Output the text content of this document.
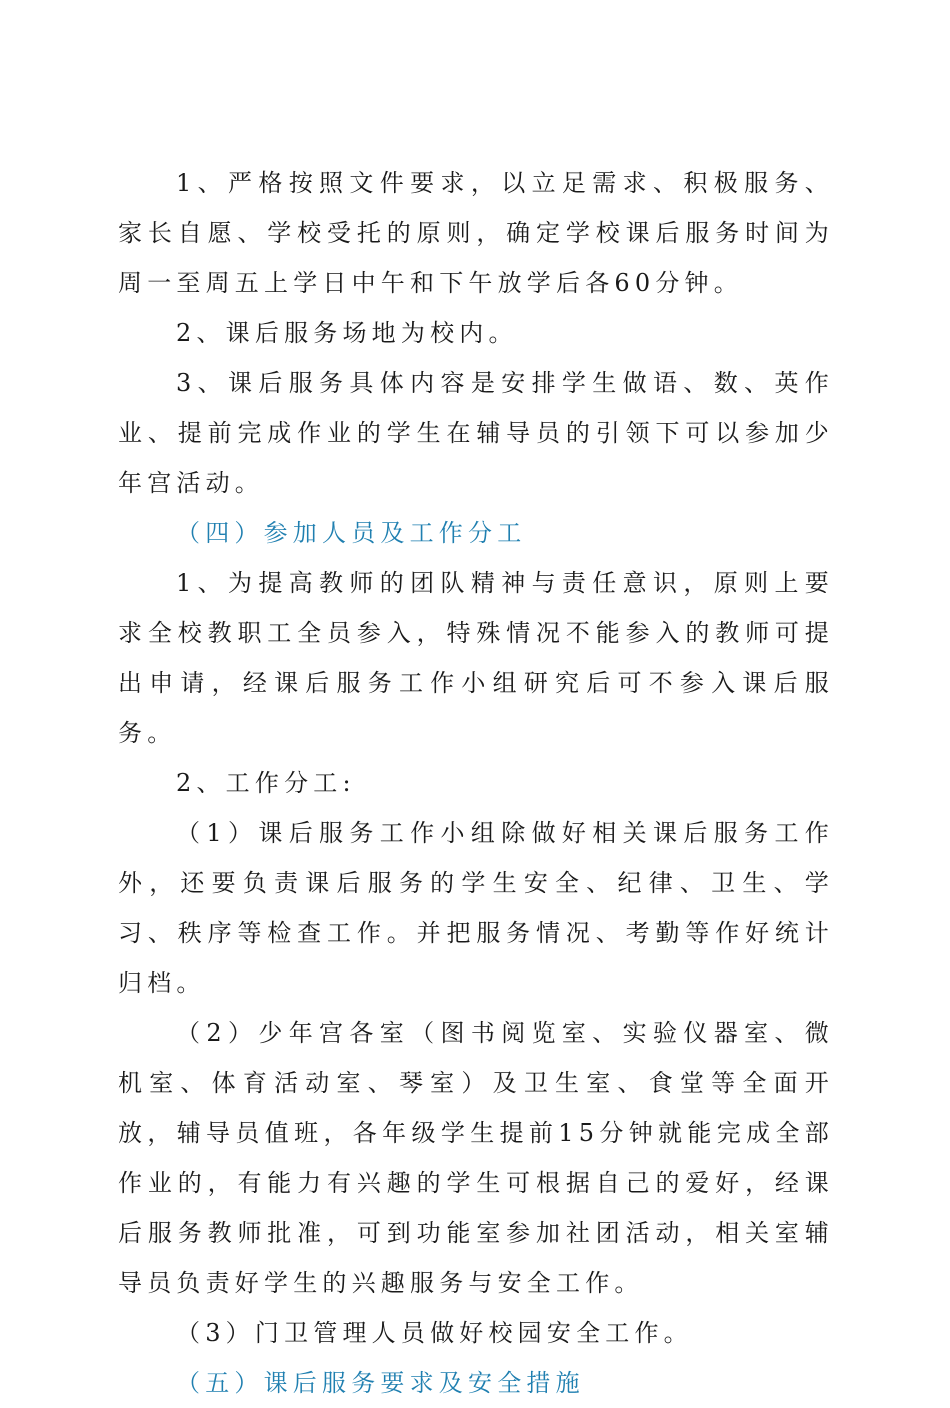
1、严格按照文件要求，以立足需求、积极服务、家长自愿、学校受托的原则，确定学校课后服务时间为周一至周五上学日中午和下午放学后各60分钟。

2、课后服务场地为校内。

3、课后服务具体内容是安排学生做语、数、英作业、提前完成作业的学生在辅导员的引领下可以参加少年宫活动。

（四）参加人员及工作分工

1、为提高教师的团队精神与责任意识，原则上要求全校教职工全员参入，特殊情况不能参入的教师可提出申请，经课后服务工作小组研究后可不参入课后服务。

2、工作分工:

（1）课后服务工作小组除做好相关课后服务工作外，还要负责课后服务的学生安全、纪律、卫生、学习、秩序等检查工作。并把服务情况、考勤等作好统计归档。

（2）少年宫各室（图书阅览室、实验仪器室、微机室、体育活动室、琴室）及卫生室、食堂等全面开放，辅导员值班，各年级学生提前15分钟就能完成全部作业的，有能力有兴趣的学生可根据自己的爱好，经课后服务教师批准，可到功能室参加社团活动，相关室辅导员负责好学生的兴趣服务与安全工作。

（3）门卫管理人员做好校园安全工作。

（五）课后服务要求及安全措施
